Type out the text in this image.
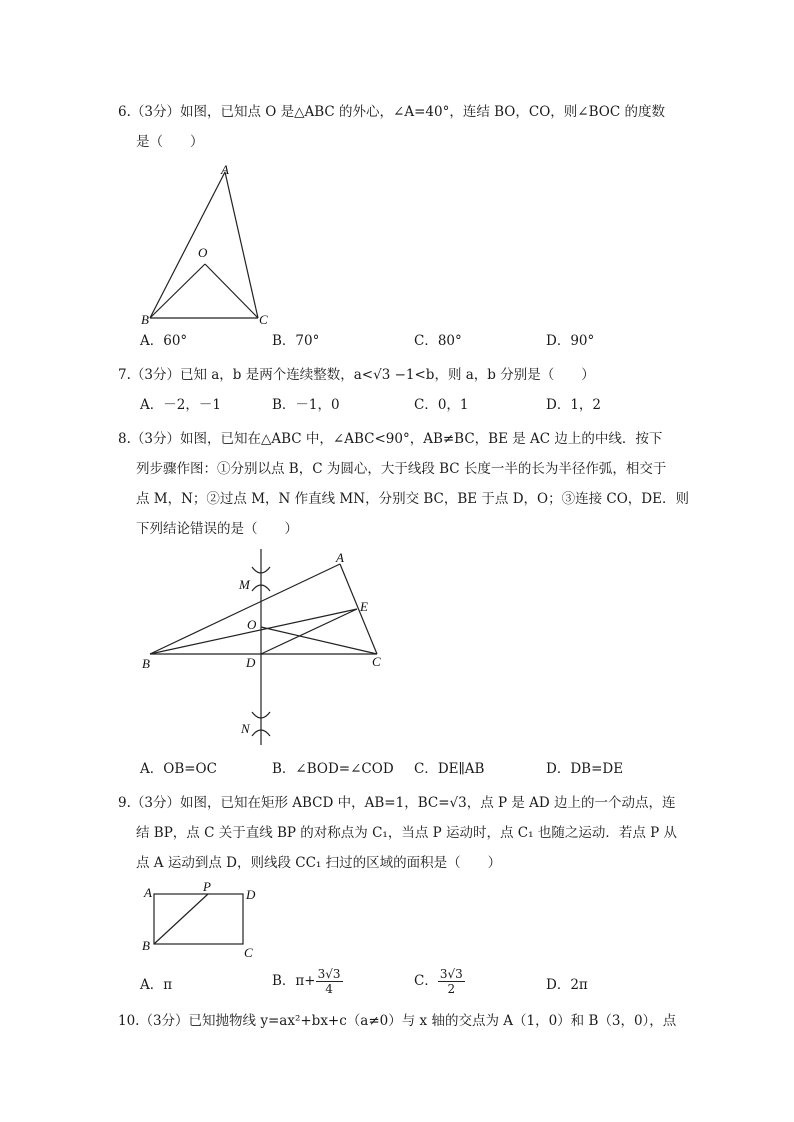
6.（3分）如图，已知点 O 是△ABC 的外心，∠A=40°，连结 BO，CO，则∠BOC 的度数
是（　　）
A
O
B	C
A．60°	B．70°	C．80°	D．90°
7.（3分）已知 a，b 是两个连续整数，a<√3 −1<b，则 a，b 分别是（　　）
A．－2，－1	B．－1，0	C．0，1	D．1，2
8.（3分）如图，已知在△ABC 中，∠ABC<90°，AB≠BC，BE 是 AC 边上的中线．按下
列步骤作图：①分别以点 B，C 为圆心，大于线段 BC 长度一半的长为半径作弧，相交于
点 M，N；②过点 M，N 作直线 MN，分别交 BC，BE 于点 D，O；③连接 CO，DE．则
下列结论错误的是（　　）
A
M
E
O
B	D	C
N
A．OB=OC	B．∠BOD=∠COD C．DE∥AB	D．DB=DE
9.（3分）如图，已知在矩形 ABCD 中，AB=1，BC=√3，点 P 是 AD 边上的一个动点，连
结 BP，点 C 关于直线 BP 的对称点为 C₁，当点 P 运动时，点 C₁ 也随之运动．若点 P 从
点 A 运动到点 D，则线段 CC₁ 扫过的区域的面积是（　　）
A	P
D
B	C
A．π	B．$\pi+ \frac{3√3}{4}$	C． $\frac{3√3}{2}$	D．2π
10.（3分）已知抛物线 y=ax²+bx+c（a≠0）与 x 轴的交点为 A（1，0）和 B（3，0），点
